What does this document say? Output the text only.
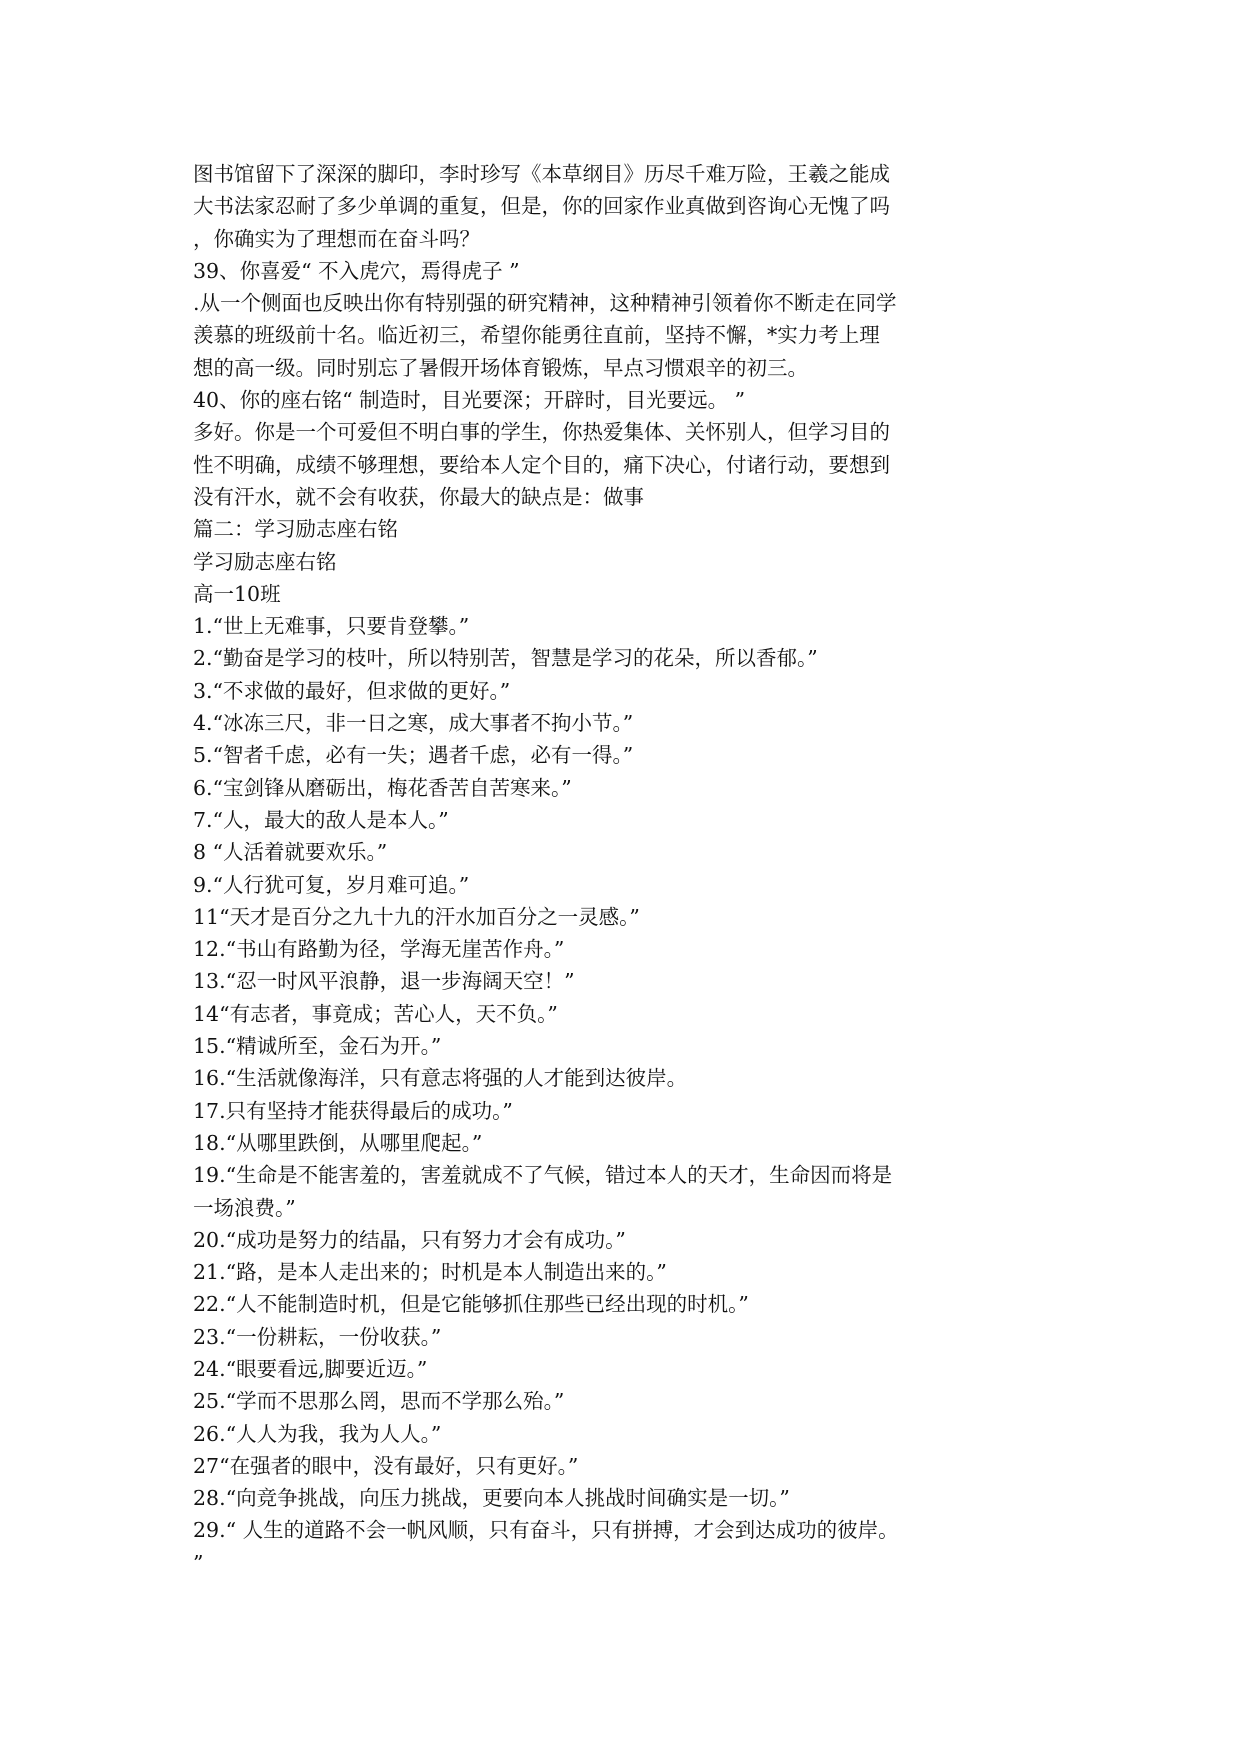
图书馆留下了深深的脚印，李时珍写《本草纲目》历尽千难万险，王羲之能成
大书法家忍耐了多少单调的重复，但是，你的回家作业真做到咨询心无愧了吗
，你确实为了理想而在奋斗吗？
39、你喜爱“ 不入虎穴，焉得虎子 ”
.从一个侧面也反映出你有特别强的研究精神，这种精神引领着你不断走在同学
羡慕的班级前十名。临近初三，希望你能勇往直前，坚持不懈，*实力考上理
想的高一级。同时别忘了暑假开场体育锻炼，早点习惯艰辛的初三。
40、你的座右铭“ 制造时，目光要深；开辟时，目光要远。 ”
多好。你是一个可爱但不明白事的学生，你热爱集体、关怀别人，但学习目的
性不明确，成绩不够理想，要给本人定个目的，痛下决心，付诸行动，要想到
没有汗水，就不会有收获，你最大的缺点是：做事
篇二：学习励志座右铭
学习励志座右铭
高一10班
1.“世上无难事，只要肯登攀。”
2.“勤奋是学习的枝叶，所以特别苦，智慧是学习的花朵，所以香郁。”
3.“不求做的最好，但求做的更好。”
4.“冰冻三尺，非一日之寒，成大事者不拘小节。”
5.“智者千虑，必有一失；遇者千虑，必有一得。”
6.“宝剑锋从磨砺出，梅花香苦自苦寒来。”
7.“人，最大的敌人是本人。”
8 “人活着就要欢乐。”
9.“人行犹可复，岁月难可追。”
11“天才是百分之九十九的汗水加百分之一灵感。”
12.“书山有路勤为径，学海无崖苦作舟。”
13.“忍一时风平浪静，退一步海阔天空！”
14“有志者，事竟成；苦心人，天不负。”
15.“精诚所至，金石为开。”
16.“生活就像海洋，只有意志将强的人才能到达彼岸。
17.只有坚持才能获得最后的成功。”
18.“从哪里跌倒，从哪里爬起。”
19.“生命是不能害羞的，害羞就成不了气候，错过本人的天才，生命因而将是
一场浪费。”
20.“成功是努力的结晶，只有努力才会有成功。”
21.“路，是本人走出来的；时机是本人制造出来的。”
22.“人不能制造时机，但是它能够抓住那些已经出现的时机。”
23.“一份耕耘，一份收获。”
24.“眼要看远,脚要近迈。”
25.“学而不思那么罔，思而不学那么殆。”
26.“人人为我，我为人人。”
27“在强者的眼中，没有最好，只有更好。”
28.“向竞争挑战，向压力挑战，更要向本人挑战时间确实是一切。”
29.“ 人生的道路不会一帆风顺，只有奋斗，只有拼搏，才会到达成功的彼岸。
”
